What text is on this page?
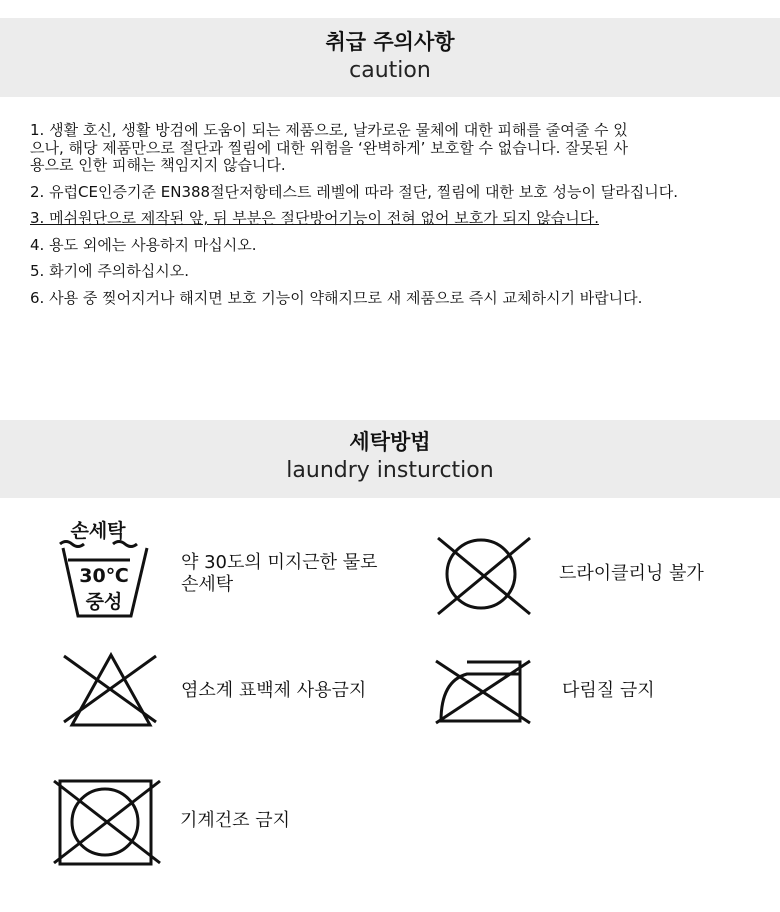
취급 주의사항
caution
1. 생활 호신, 생활 방검에 도움이 되는 제품으로, 날카로운 물체에 대한 피해를 줄여줄 수 있으나, 해당 제품만으로 절단과 찔림에 대한 위험을 ‘완벽하게’ 보호할 수 없습니다. 잘못된 사용으로 인한 피해는 책임지지 않습니다.
2. 유럽CE인증기준 EN388절단저항테스트 레벨에 따라 절단, 찔림에 대한 보호 성능이 달라집니다.
3. 메쉬원단으로 제작된 앞, 뒤 부분은 절단방어기능이 전혀 없어 보호가 되지 않습니다.
4. 용도 외에는 사용하지 마십시오.
5. 화기에 주의하십시오.
6. 사용 중 찢어지거나 해지면 보호 기능이 약해지므로 새 제품으로 즉시 교체하시기 바랍니다.
세탁방법
laundry insturction
손세탁
30℃
중성
약 30도의 미지근한 물로 손세탁
드라이클리닝 불가
염소계 표백제 사용금지	다림질 금지
기계건조 금지
